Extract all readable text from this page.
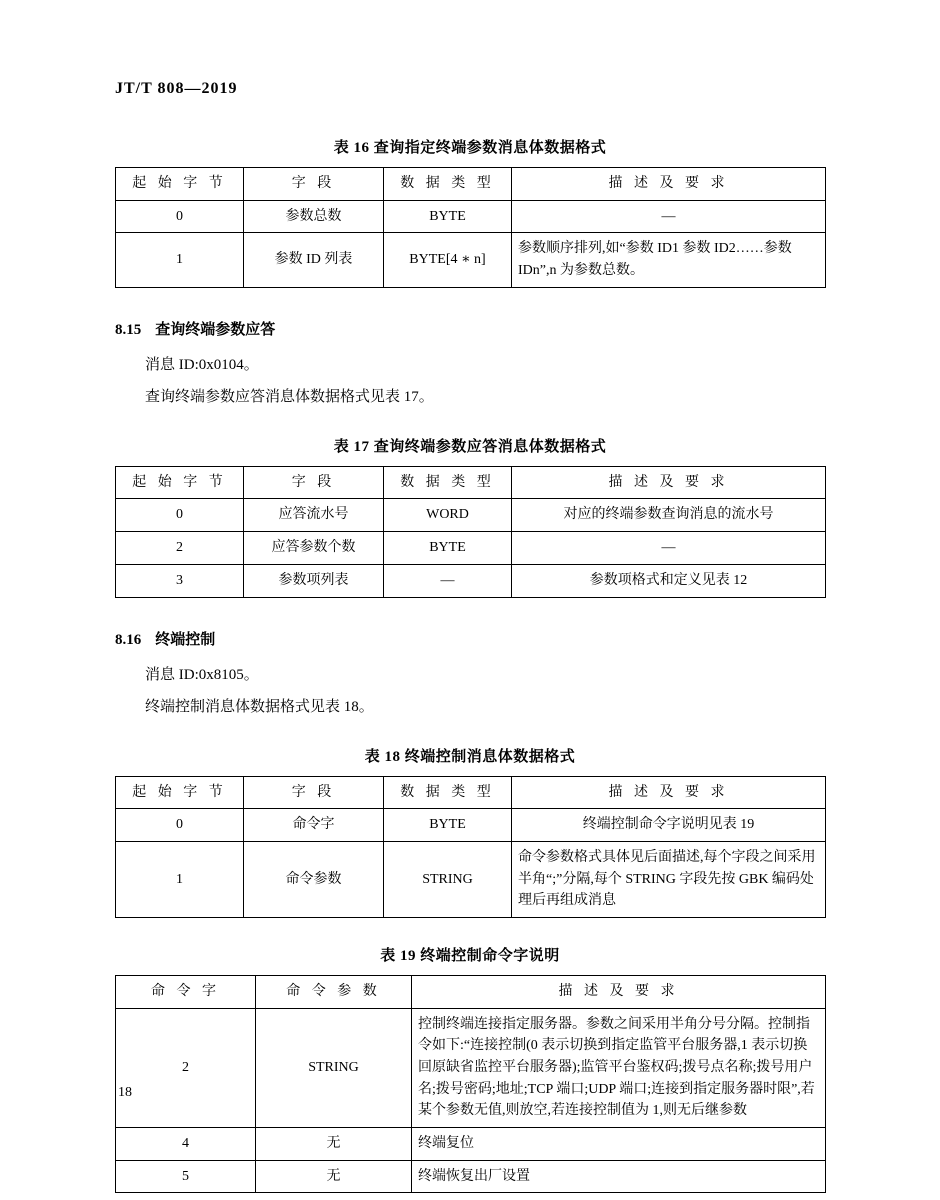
JT/T 808—2019
表 16 查询指定终端参数消息体数据格式
起 始 字 节	字 段	数 据 类 型	描 述 及 要 求
0	参数总数	BYTE	—
1	参数 ID 列表	BYTE[4 ∗ n]	参数顺序排列,如“参数 ID1 参数 ID2……参数 IDn”,n 为参数总数。
8.15 查询终端参数应答

消息 ID:0x0104。

查询终端参数应答消息体数据格式见表 17。

表 17 查询终端参数应答消息体数据格式
起 始 字 节	字 段	数 据 类 型	描 述 及 要 求
0	应答流水号	WORD	对应的终端参数查询消息的流水号
2	应答参数个数	BYTE	—
3	参数项列表	—	参数项格式和定义见表 12
8.16 终端控制

消息 ID:0x8105。

终端控制消息体数据格式见表 18。

表 18 终端控制消息体数据格式
起 始 字 节	字 段	数 据 类 型	描 述 及 要 求
0	命令字	BYTE	终端控制命令字说明见表 19
1	命令参数	STRING	命令参数格式具体见后面描述,每个字段之间采用半角“;”分隔,每个 STRING 字段先按 GBK 编码处理后再组成消息
表 19 终端控制命令字说明
命 令 字	命 令 参 数	描 述 及 要 求
2	STRING	控制终端连接指定服务器。参数之间采用半角分号分隔。控制指令如下:“连接控制(0 表示切换到指定监管平台服务器,1 表示切换回原缺省监控平台服务器);监管平台鉴权码;拨号点名称;拨号用户名;拨号密码;地址;TCP 端口;UDP 端口;连接到指定服务器时限”,若某个参数无值,则放空,若连接控制值为 1,则无后继参数
4	无	终端复位
5	无	终端恢复出厂设置
18
